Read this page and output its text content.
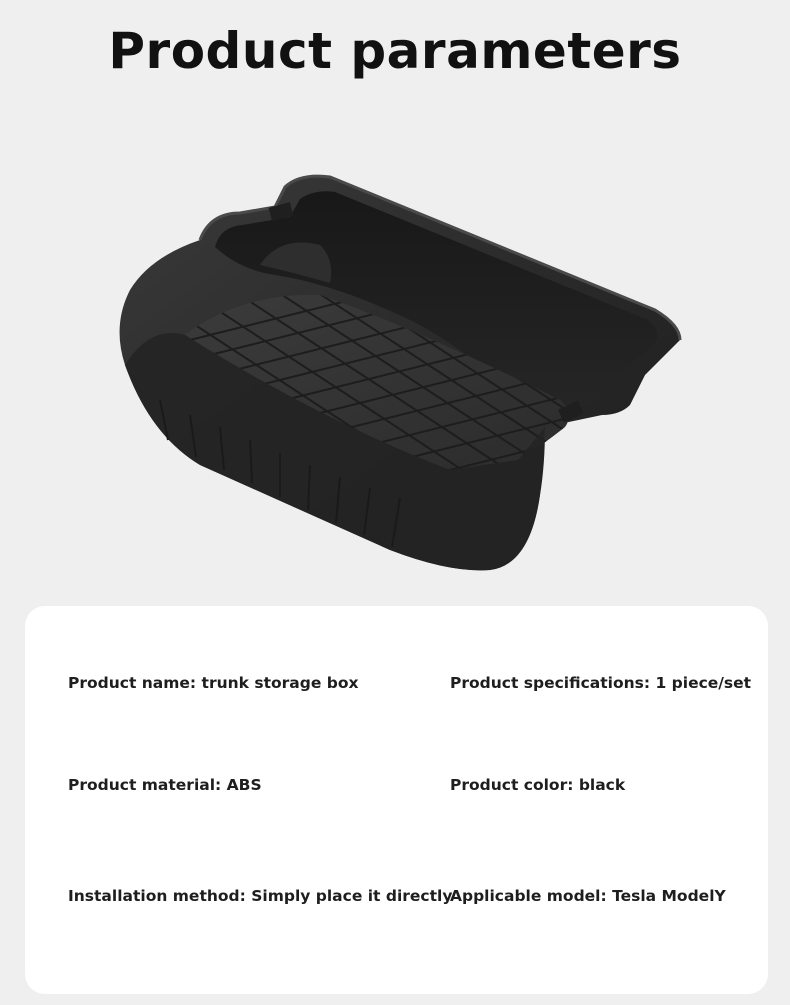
Product parameters
Product name: trunk storage box	Product specifications: 1 piece/set
Product material: ABS	Product color: black
Installation method: Simply place it directly
Applicable model: Tesla ModelY
